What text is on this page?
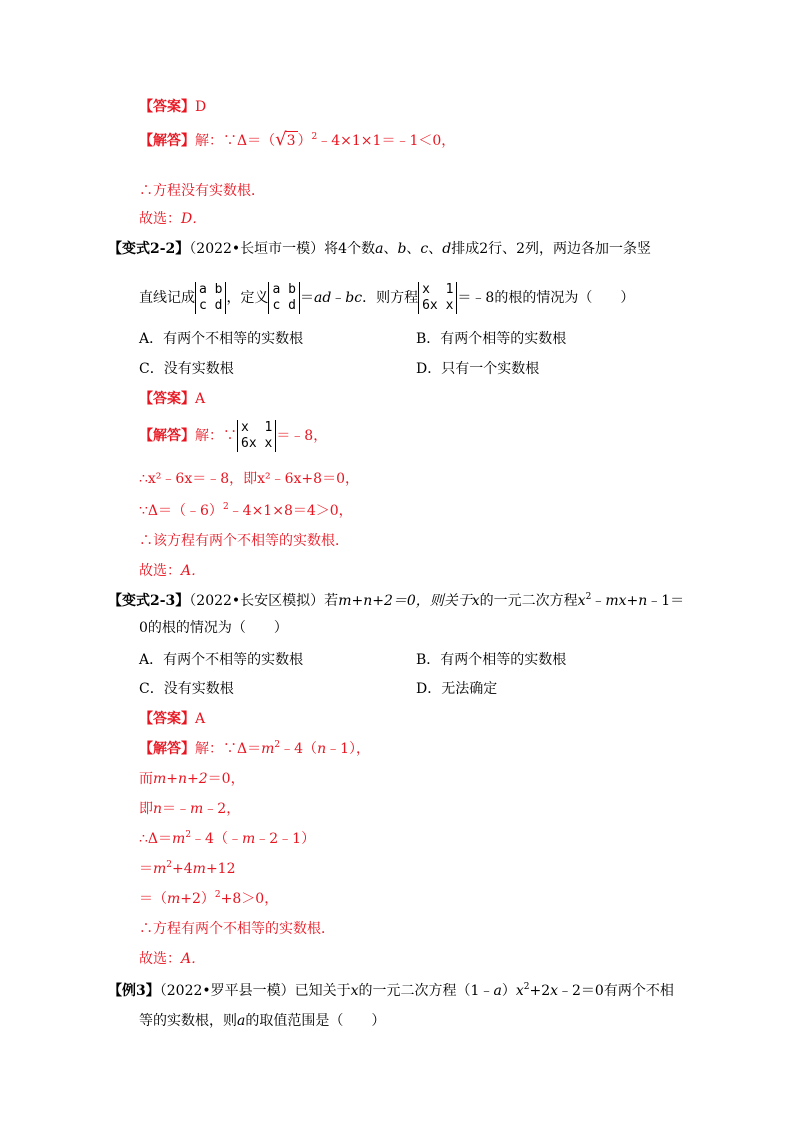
【答案】D
【解答】解：∵Δ＝（√3 ）$^2$﹣4×1×1＝﹣1＜0，
∴方程没有实数根．
故选：D．
【变式2-2】（2022•长垣市一模）将4个数a、b、c、d排成2行、2列，两边各加一条竖
直线记成
a b
c d ，定义
a b
c d ＝ad﹣bc．则方程
x  1
6x x ＝﹣8的根的情况为（　　）
A．有两个不相等的实数根	B．有两个相等的实数根
C．没有实数根	D．只有一个实数根
【答案】A
【解答】解：∵
x  1
6x x ＝﹣8，
∴x²﹣6x＝﹣8，即x²﹣6x+8＝0，
∵Δ＝（﹣6）$^2$﹣4×1×8＝4＞0，
∴该方程有两个不相等的实数根．
故选：A．
【变式2-3】（2022•长安区模拟）若m+n+2＝0，则关于x的一元二次方程$x^2﹣mx+n﹣1=$
0的根的情况为（　　）
A．有两个不相等的实数根	B．有两个相等的实数根
C．没有实数根	D．无法确定
【答案】A
【解答】解：$\because\Delta=m^2﹣4(n﹣1)$，
而m+n+2＝0，
即n＝﹣m﹣2，
$\therefore\Delta=m^2﹣4(﹣m﹣2﹣1)$
$=m^2+4m+12$
$=(m+2)^2+8>0$，
∴方程有两个不相等的实数根．
故选：A．
【例3】（2022•罗平县一模）已知关于x的一元二次方程$(1﹣a)x^2+2x﹣2=0$有两个不相
等的实数根，则a的取值范围是（　　）
